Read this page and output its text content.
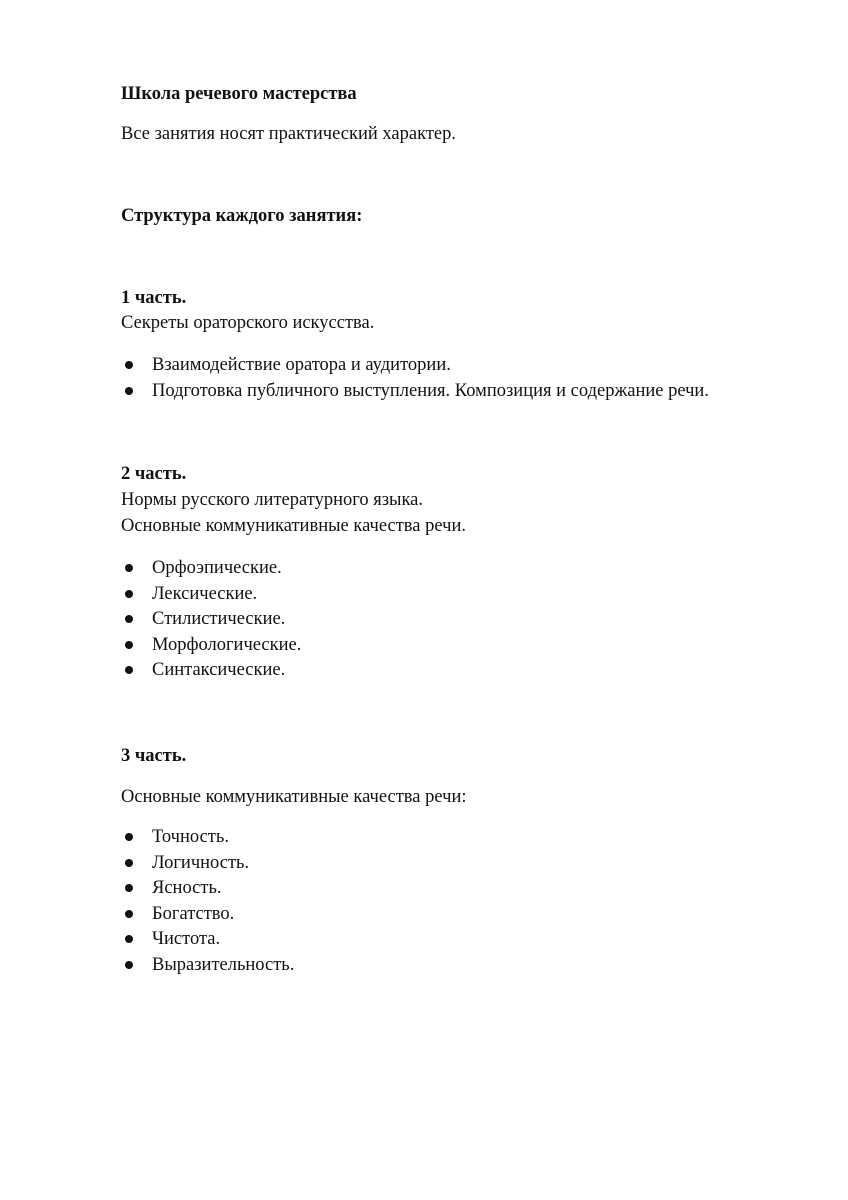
Школа речевого мастерства
Все занятия носят практический характер.
Структура каждого занятия:
1 часть.
Секреты ораторского искусства.
Взаимодействие оратора и аудитории.
Подготовка публичного выступления. Композиция и содержание речи.
2 часть.
Нормы русского литературного языка.
Основные коммуникативные качества речи.
Орфоэпические.
Лексические.
Стилистические.
Морфологические.
Синтаксические.
3 часть.
Основные коммуникативные качества речи:
Точность.
Логичность.
Ясность.
Богатство.
Чистота.
Выразительность.
